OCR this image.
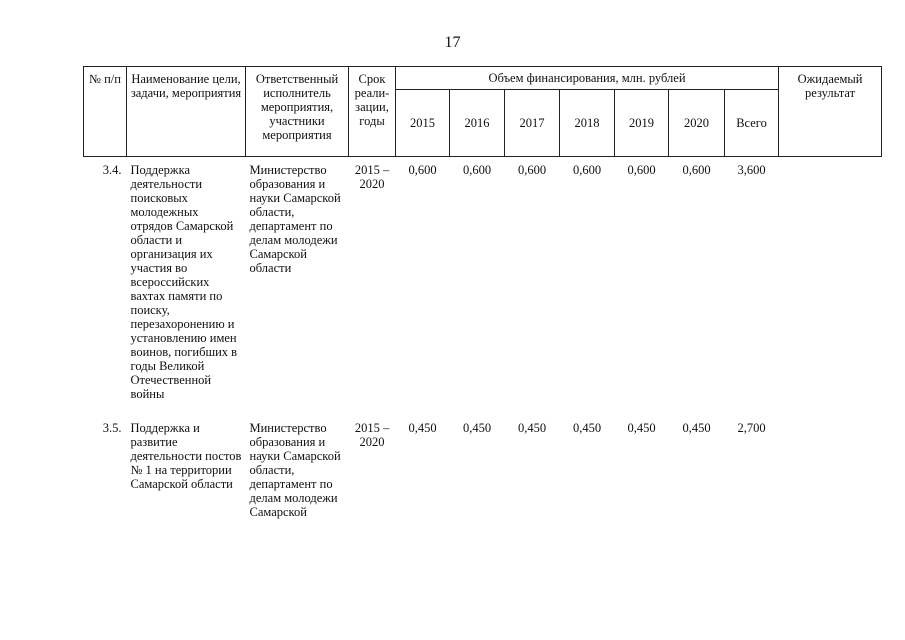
17
№ п/п	Наименование цели, задачи, мероприятия	Ответственный исполнитель мероприятия, участники мероприятия	Срок реали-зации, годы	Объем финансирования, млн. рублей							Ожидаемый результат
				2015	2016	2017	2018	2019	2020	Всего	
3.4.	Поддержка деятельности поисковых молодежных отрядов Самарской области и организация их участия во всероссийских вахтах памяти по поиску, перезахоронению и установлению имен воинов, погибших в годы Великой Отечественной войны	Министерство образования и науки Самарской области, департамент по делам молодежи Самарской области	2015 – 2020	0,600	0,600	0,600	0,600	0,600	0,600	3,600	
3.5.	Поддержка и развитие деятельности постов № 1 на территории Самарской области	Министерство образования и науки Самарской области, департамент по делам молодежи Самарской	2015 – 2020	0,450	0,450	0,450	0,450	0,450	0,450	2,700	
